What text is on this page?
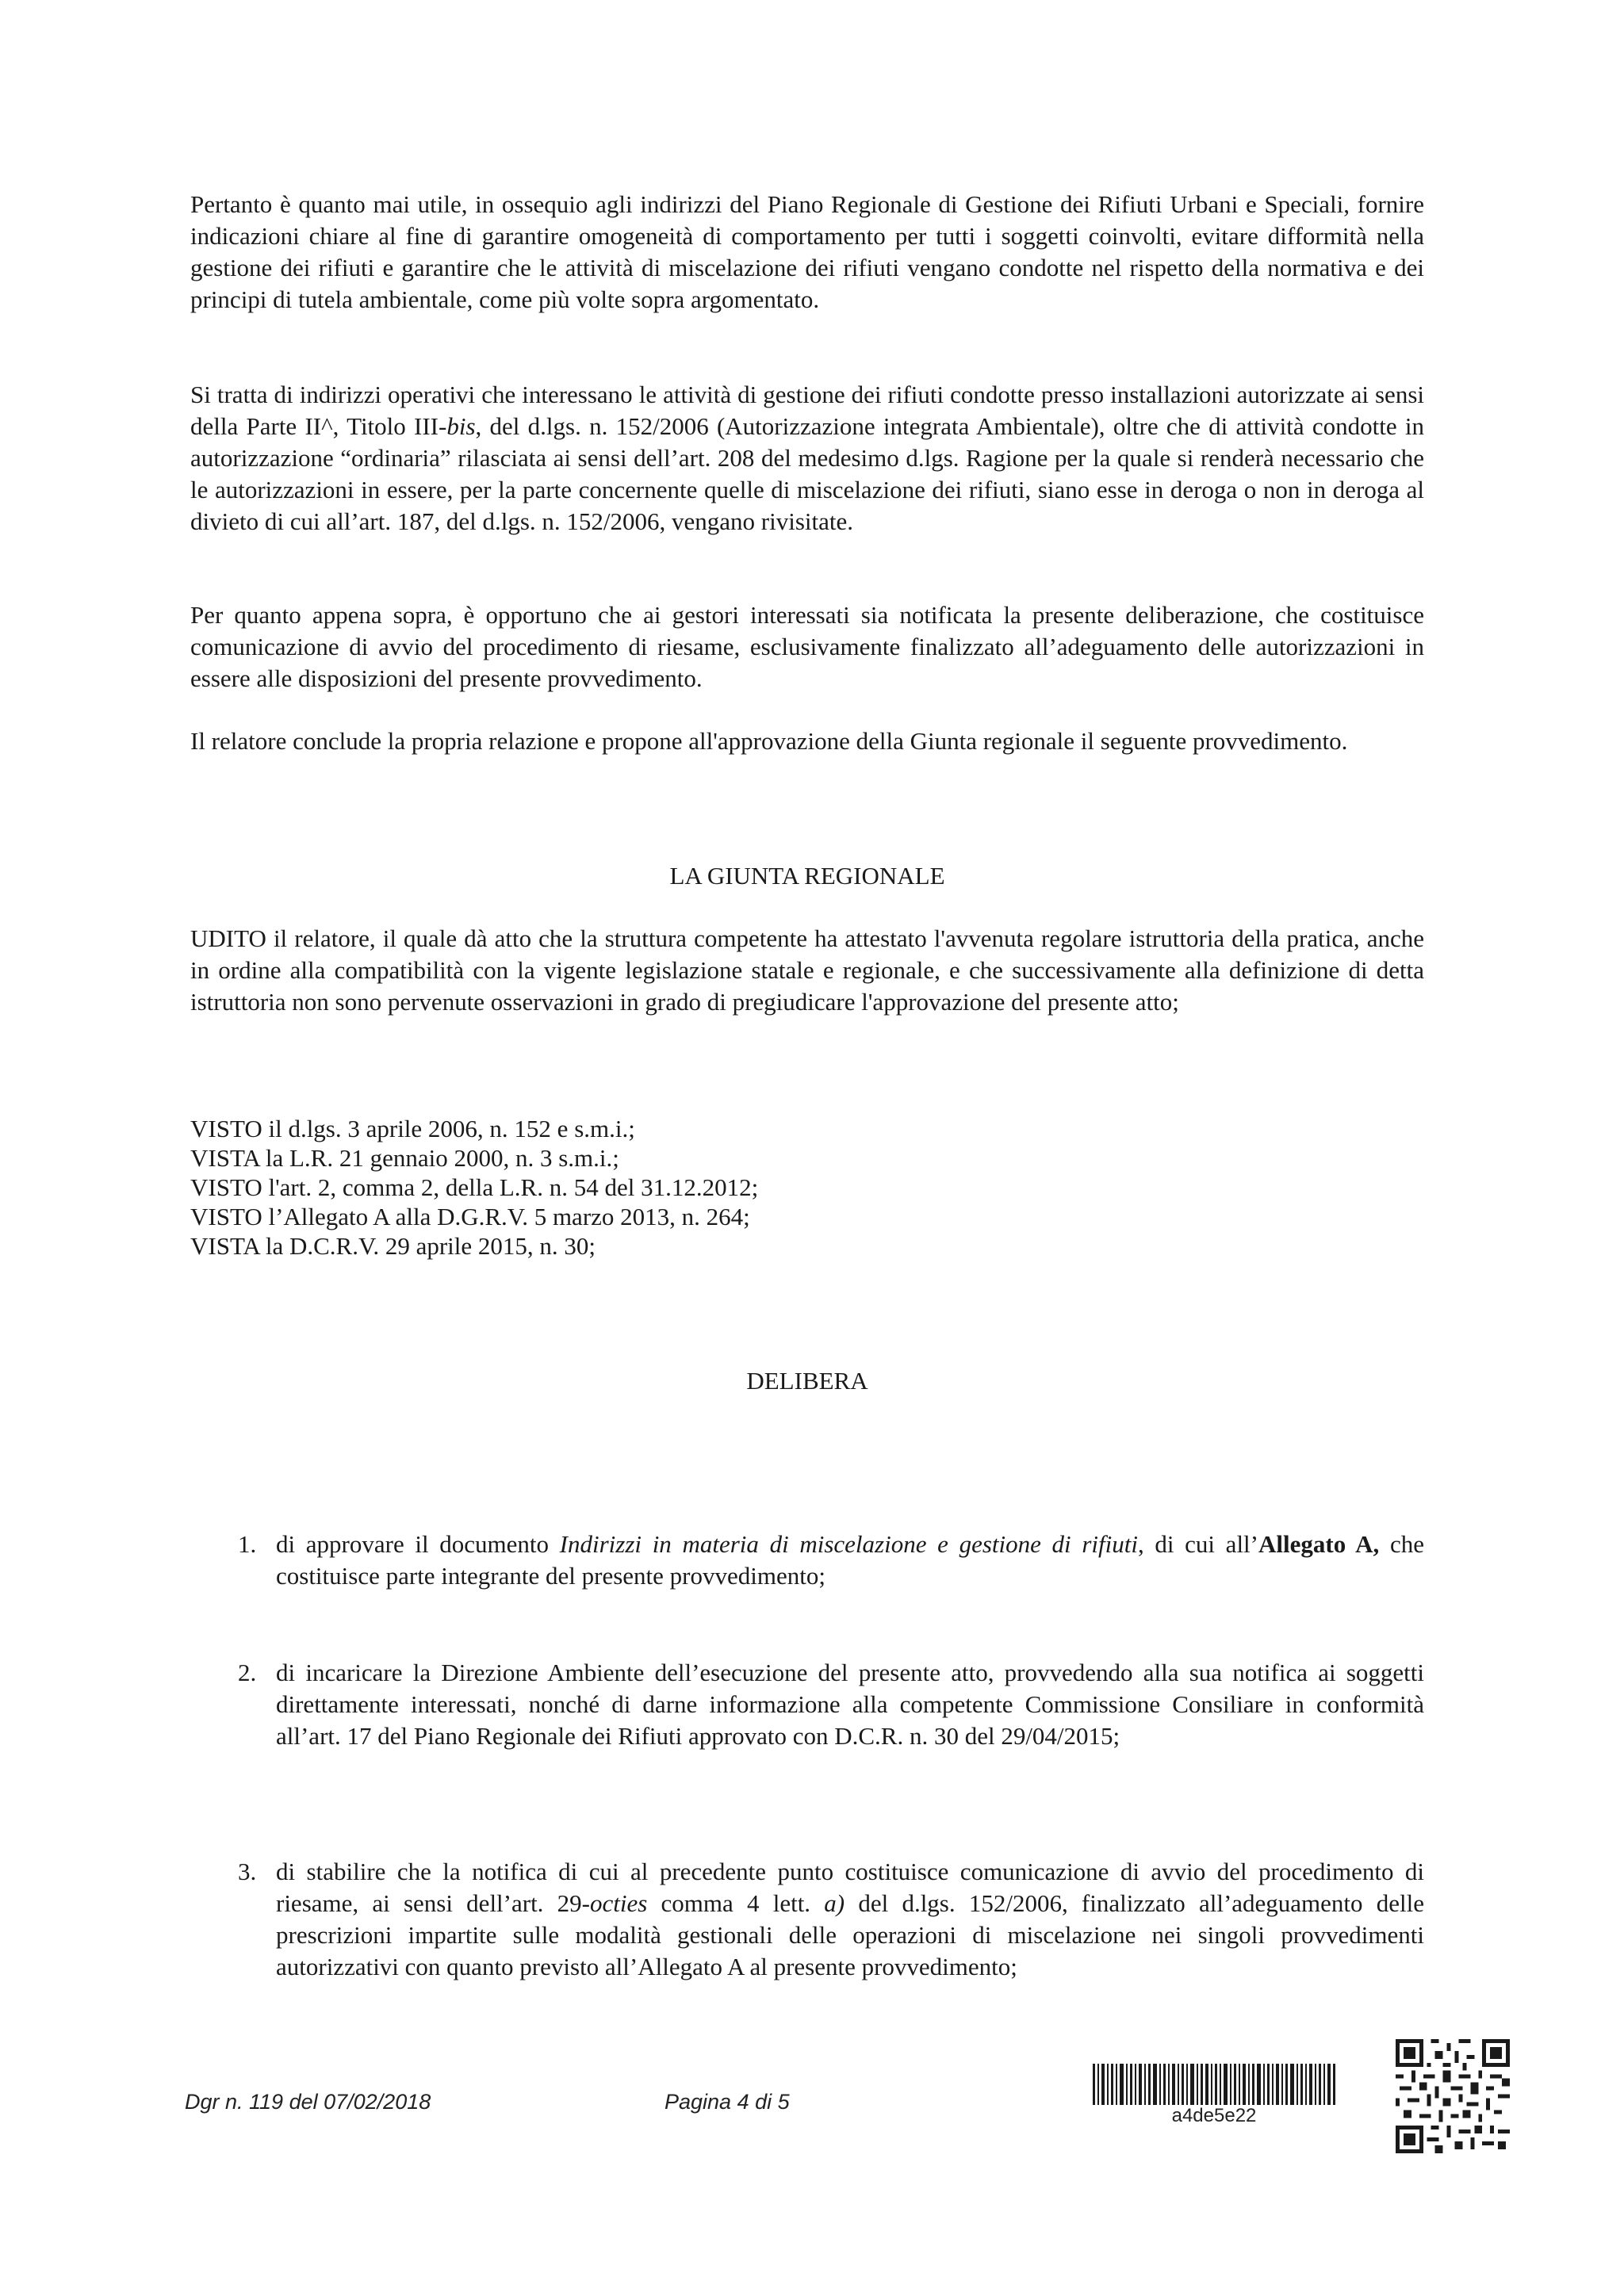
Pertanto è quanto mai utile, in ossequio agli indirizzi del Piano Regionale di Gestione dei Rifiuti Urbani e Speciali, fornire indicazioni chiare al fine di garantire omogeneità di comportamento per tutti i soggetti coinvolti, evitare difformità nella gestione dei rifiuti e garantire che le attività di miscelazione dei rifiuti vengano condotte nel rispetto della normativa e dei principi di tutela ambientale, come più volte sopra argomentato.

Si tratta di indirizzi operativi che interessano le attività di gestione dei rifiuti condotte presso installazioni autorizzate ai sensi della Parte II^, Titolo III-bis, del d.lgs. n. 152/2006 (Autorizzazione integrata Ambientale), oltre che di attività condotte in autorizzazione “ordinaria” rilasciata ai sensi dell’art. 208 del medesimo d.lgs. Ragione per la quale si renderà necessario che le autorizzazioni in essere, per la parte concernente quelle di miscelazione dei rifiuti, siano esse in deroga o non in deroga al divieto di cui all’art. 187, del d.lgs. n. 152/2006, vengano rivisitate.

Per quanto appena sopra, è opportuno che ai gestori interessati sia notificata la presente deliberazione, che costituisce comunicazione di avvio del procedimento di riesame, esclusivamente finalizzato all’adeguamento delle autorizzazioni in essere alle disposizioni del presente provvedimento.

Il relatore conclude la propria relazione e propone all'approvazione della Giunta regionale il seguente provvedimento.

LA GIUNTA REGIONALE

UDITO il relatore, il quale dà atto che la struttura competente ha attestato l'avvenuta regolare istruttoria della pratica, anche in ordine alla compatibilità con la vigente legislazione statale e regionale, e che successivamente alla definizione di detta istruttoria non sono pervenute osservazioni in grado di pregiudicare l'approvazione del presente atto;

VISTO il d.lgs. 3 aprile 2006, n. 152 e s.m.i.;
VISTA la L.R. 21 gennaio 2000, n. 3 s.m.i.;
VISTO l'art. 2, comma 2, della L.R. n. 54 del 31.12.2012;
VISTO l’Allegato A alla D.G.R.V. 5 marzo 2013, n. 264;
VISTA la D.C.R.V. 29 aprile 2015, n. 30;

DELIBERA

1. di approvare il documento Indirizzi in materia di miscelazione e gestione di rifiuti, di cui all’Allegato A, che costituisce parte integrante del presente provvedimento;
2. di incaricare la Direzione Ambiente dell’esecuzione del presente atto, provvedendo alla sua notifica ai soggetti direttamente interessati, nonché di darne informazione alla competente Commissione Consiliare in conformità all’art. 17 del Piano Regionale dei Rifiuti approvato con D.C.R. n. 30 del 29/04/2015;
3. di stabilire che la notifica di cui al precedente punto costituisce comunicazione di avvio del procedimento di riesame, ai sensi dell’art. 29-octies comma 4 lett. a) del d.lgs. 152/2006, finalizzato all’adeguamento delle prescrizioni impartite sulle modalità gestionali delle operazioni di miscelazione nei singoli provvedimenti autorizzativi con quanto previsto all’Allegato A al presente provvedimento;
Dgr n. 119 del 07/02/2018	Pagina 4 di 5
a4de5e22
